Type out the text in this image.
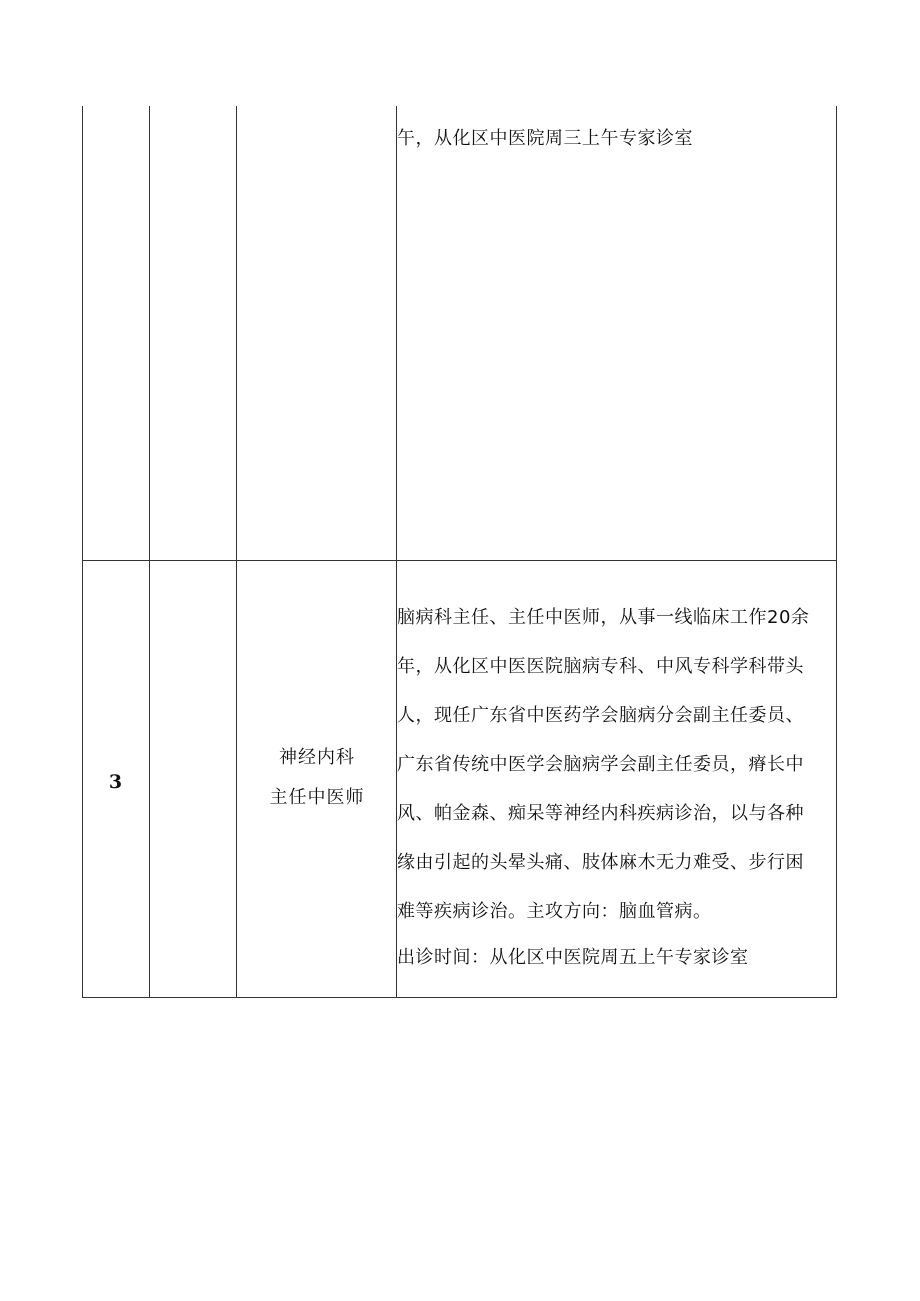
午，从化区中医院周三上午专家诊室
3
神经内科
主任中医师
脑病科主任、主任中医师，从事一线临床工作20余
年，从化区中医医院脑病专科、中风专科学科带头
人，现任广东省中医药学会脑病分会副主任委员、
广东省传统中医学会脑病学会副主任委员，瘠长中
风、帕金森、痴呆等神经内科疾病诊治，以与各种
缘由引起的头晕头痛、肢体麻木无力难受、步行困
难等疾病诊治。主攻方向：脑血管病。
出诊时间：从化区中医院周五上午专家诊室
